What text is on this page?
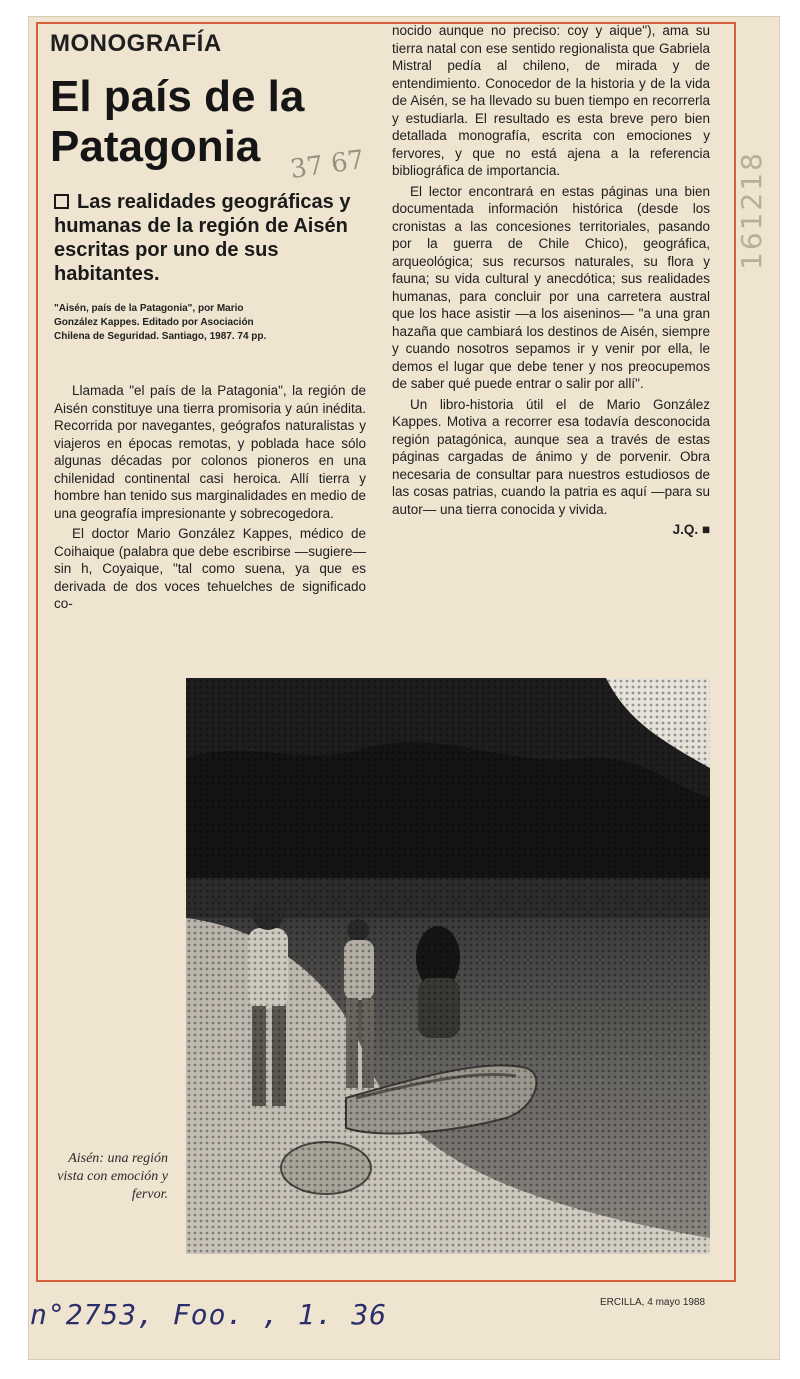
MONOGRAFÍA
El país de la Patagonia	37 67
Las realidades geográficas y humanas de la región de Aisén escritas por uno de sus habitantes.
"Aisén, país de la Patagonia", por Mario González Kappes. Editado por Asociación Chilena de Seguridad. Santiago, 1987. 74 pp.

Llamada "el país de la Patagonia", la región de Aisén constituye una tierra promisoria y aún inédita. Recorrida por navegantes, geógrafos naturalistas y viajeros en épocas remotas, y poblada hace sólo algunas décadas por colonos pioneros en una chilenidad continental casi heroica. Allí tierra y hombre han tenido sus marginalidades en medio de una geografía impresionante y sobrecogedora.

El doctor Mario González Kappes, médico de Coihaique (palabra que debe escribirse —sugiere— sin h, Coyaique, "tal como suena, ya que es derivada de dos voces tehuelches de significado co-

nocido aunque no preciso: coy y aique"), ama su tierra natal con ese sentido regionalista que Gabriela Mistral pedía al chileno, de mirada y de entendimiento. Conocedor de la historia y de la vida de Aisén, se ha llevado su buen tiempo en recorrerla y estudiarla. El resultado es esta breve pero bien detallada monografía, escrita con emociones y fervores, y que no está ajena a la referencia bibliográfica de importancia.

El lector encontrará en estas páginas una bien documentada información histórica (desde los cronistas a las concesiones territoriales, pasando por la guerra de Chile Chico), geográfica, arqueológica; sus recursos naturales, su flora y fauna; su vida cultural y anecdótica; sus realidades humanas, para concluir por una carretera austral que los hace asistir —a los aiseninos— "a una gran hazaña que cambiará los destinos de Aisén, siempre y cuando nosotros sepamos ir y venir por ella, le demos el lugar que debe tener y nos preocupemos de saber qué puede entrar o salir por allí".

Un libro-historia útil el de Mario González Kappes. Motiva a recorrer esa todavía desconocida región patagónica, aunque sea a través de estas páginas cargadas de ánimo y de porvenir. Obra necesaria de consultar para nuestros estudiosos de las cosas patrias, cuando la patria es aquí —para su autor— una tierra conocida y vivida.

J.Q. ■
Aisén: una región vista con emoción y fervor.
ERCILLA, 4 mayo 1988
n°2753, Foo. , 1. 36
161218
